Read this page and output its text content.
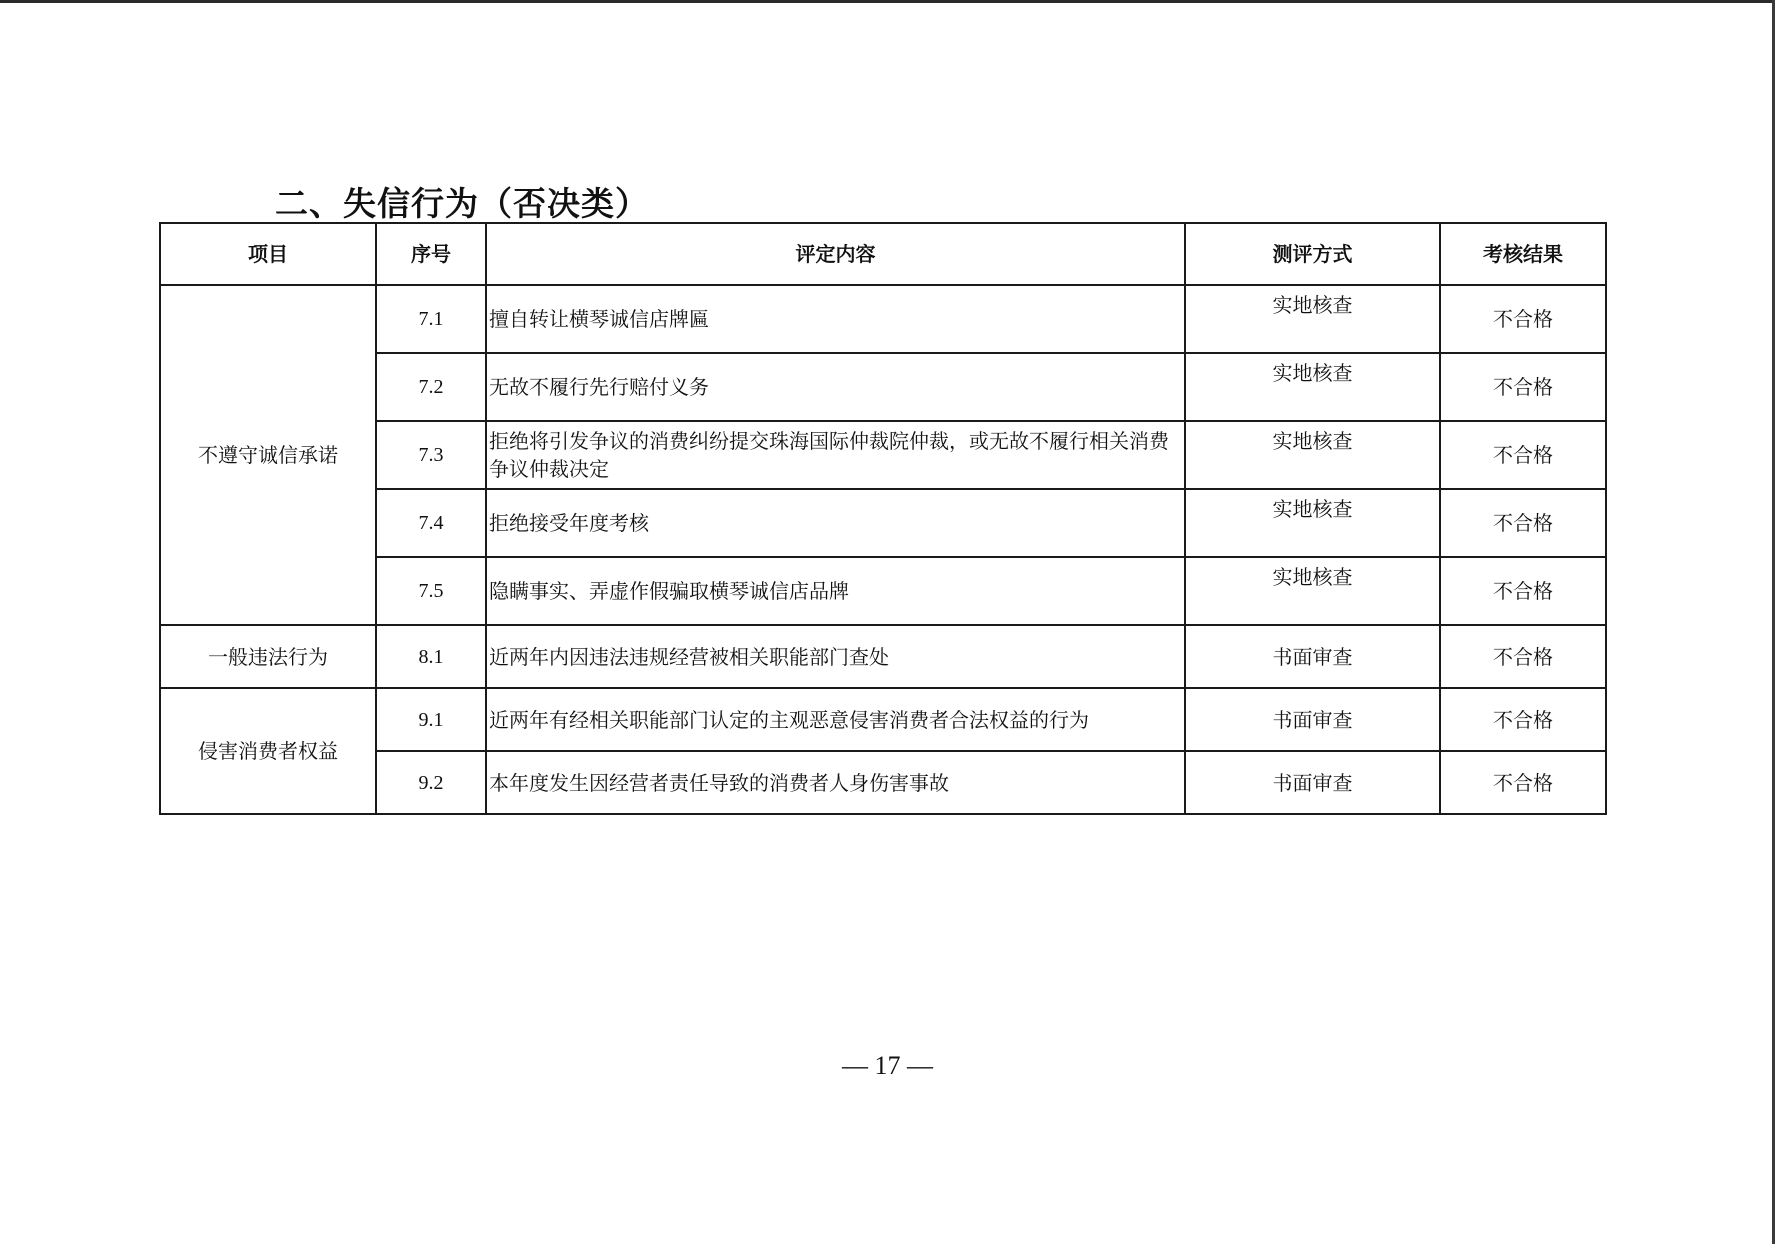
二、失信行为（否决类）
项目	序号	评定内容	测评方式	考核结果
不遵守诚信承诺	7.1	擅自转让横琴诚信店牌匾	实地核查	不合格
	7.2	无故不履行先行赔付义务	实地核查	不合格
	7.3	拒绝将引发争议的消费纠纷提交珠海国际仲裁院仲裁，或无故不履行相关消费争议仲裁决定	实地核查	不合格
	7.4	拒绝接受年度考核	实地核查	不合格
	7.5	隐瞒事实、弄虚作假骗取横琴诚信店品牌	实地核查	不合格
一般违法行为	8.1	近两年内因违法违规经营被相关职能部门查处	书面审查	不合格
侵害消费者权益	9.1	近两年有经相关职能部门认定的主观恶意侵害消费者合法权益的行为	书面审查	不合格
	9.2	本年度发生因经营者责任导致的消费者人身伤害事故	书面审查	不合格
— 17 —
